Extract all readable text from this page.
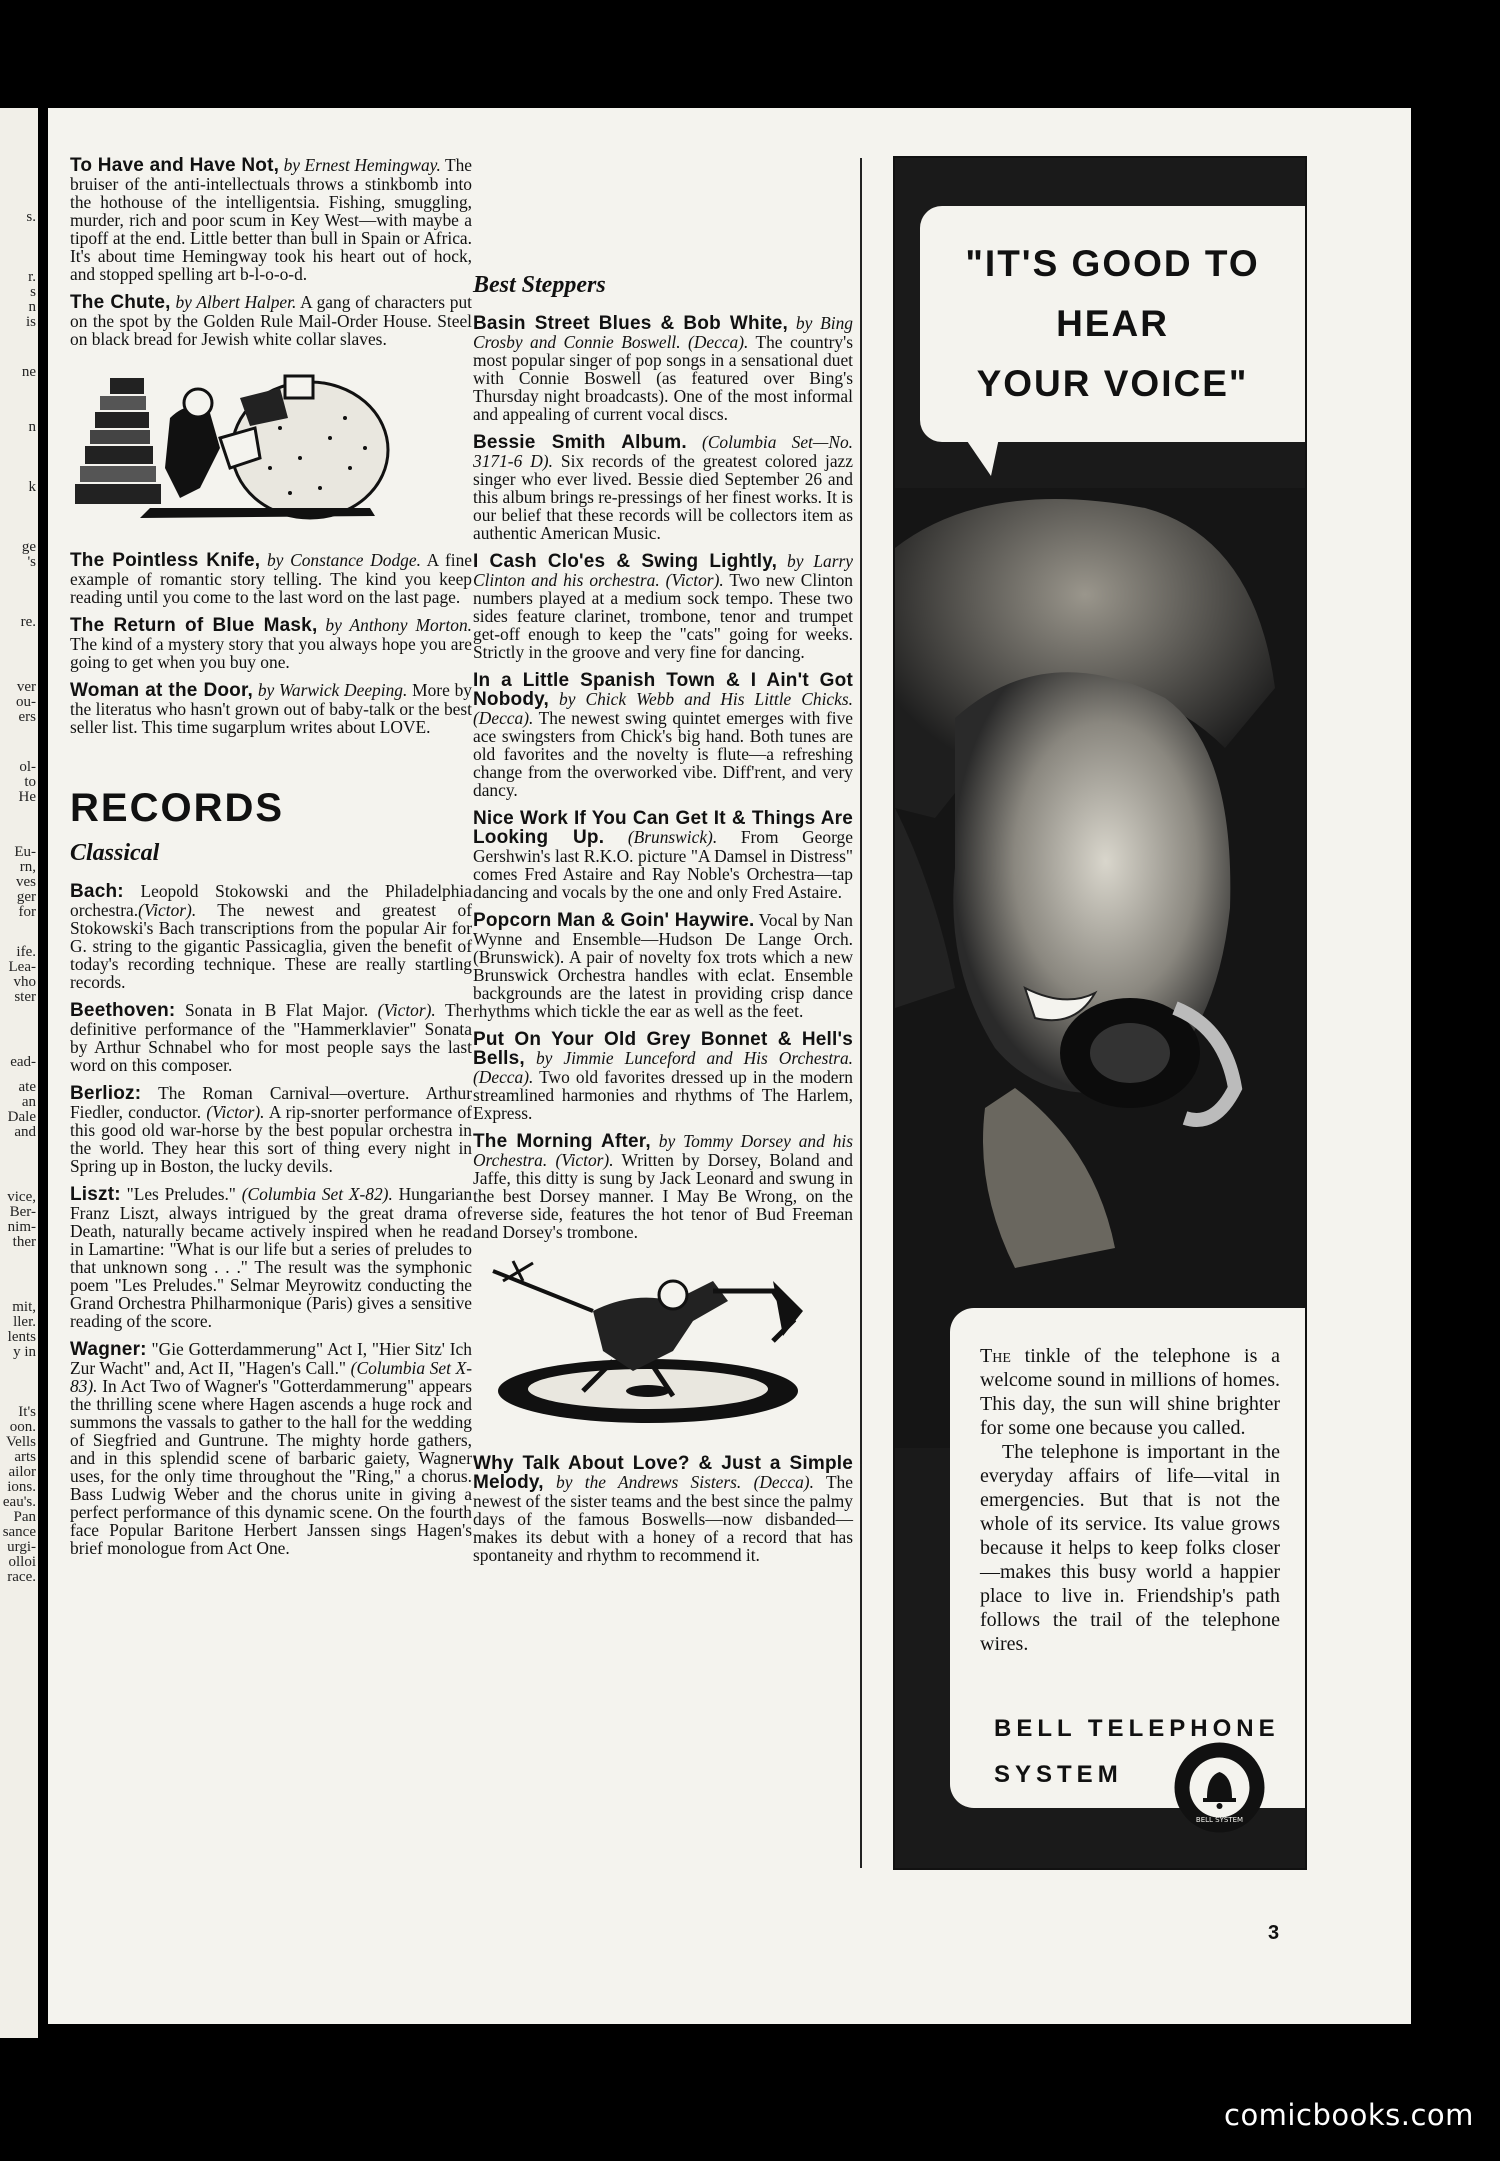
s.
r.
s
n
is
ne
n
k
ge
's
re.
ver
ou-
ers
ol-
to
He
Eu-
rn,
ves
ger
for
ife.
Lea-
vho
ster
ead-
ate
an
Dale
and
vice,
Ber-
nim-
ther
mit,
ller.
lents
y in
It's
oon.
Vells
arts
ailor
ions.
eau's.
Pan
sance
urgi-
olloi
race.

To Have and Have Not, by Ernest Hemingway. The bruiser of the anti-intellectuals throws a stinkbomb into the hothouse of the intelligentsia. Fishing, smuggling, murder, rich and poor scum in Key West—with maybe a tipoff at the end. Little better than bull in Spain or Africa. It's about time Hemingway took his heart out of hock, and stopped spelling art b-l-o-o-d.

The Chute, by Albert Halper. A gang of characters put on the spot by the Golden Rule Mail-Order House. Steel on black bread for Jewish white collar slaves.

The Pointless Knife, by Constance Dodge. A fine example of romantic story telling. The kind you keep reading until you come to the last word on the last page.

The Return of Blue Mask, by Anthony Morton. The kind of a mystery story that you always hope you are going to get when you buy one.

Woman at the Door, by Warwick Deeping. More by the literatus who hasn't grown out of baby-talk or the best seller list. This time sugarplum writes about LOVE.

RECORDS
Classical

Bach: Leopold Stokowski and the Philadelphia orchestra.(Victor). The newest and greatest of Stokowski's Bach transcriptions from the popular Air for G. string to the gigantic Passicaglia, given the benefit of today's recording technique. These are really startling records.

Beethoven: Sonata in B Flat Major. (Victor). The definitive performance of the "Hammerklavier" Sonata by Arthur Schnabel who for most people says the last word on this composer.

Berlioz: The Roman Carnival—overture. Arthur Fiedler, conductor. (Victor). A rip-snorter performance of this good old war-horse by the best popular orchestra in the world. They hear this sort of thing every night in Spring up in Boston, the lucky devils.

Liszt: "Les Preludes." (Columbia Set X-82). Hungarian Franz Liszt, always intrigued by the great drama of Death, naturally became actively inspired when he read in Lamartine: "What is our life but a series of preludes to that unknown song . . ." The result was the symphonic poem "Les Preludes." Selmar Meyrowitz conducting the Grand Orchestra Philharmonique (Paris) gives a sensitive reading of the score.

Wagner: "Gie Gotterdammerung" Act I, "Hier Sitz' Ich Zur Wacht" and, Act II, "Hagen's Call." (Columbia Set X-83). In Act Two of Wagner's "Gotterdammerung" appears the thrilling scene where Hagen ascends a huge rock and summons the vassals to gather to the hall for the wedding of Siegfried and Guntrune. The mighty horde gathers, and in this splendid scene of barbaric gaiety, Wagner uses, for the only time throughout the "Ring," a chorus. Bass Ludwig Weber and the chorus unite in giving a perfect performance of this dynamic scene. On the fourth face Popular Baritone Herbert Janssen sings Hagen's brief monologue from Act One.

Best Steppers

Basin Street Blues & Bob White, by Bing Crosby and Connie Boswell. (Decca). The country's most popular singer of pop songs in a sensational duet with Connie Boswell (as featured over Bing's Thursday night broadcasts). One of the most informal and appealing of current vocal discs.

Bessie Smith Album. (Columbia Set—No. 3171-6 D). Six records of the greatest colored jazz singer who ever lived. Bessie died September 26 and this album brings re-pressings of her finest works. It is our belief that these records will be collectors item as authentic American Music.

I Cash Clo'es & Swing Lightly, by Larry Clinton and his orchestra. (Victor). Two new Clinton numbers played at a medium sock tempo. These two sides feature clarinet, trombone, tenor and trumpet get-off enough to keep the "cats" going for weeks. Strictly in the groove and very fine for dancing.

In a Little Spanish Town & I Ain't Got Nobody, by Chick Webb and His Little Chicks. (Decca). The newest swing quintet emerges with five ace swingsters from Chick's big hand. Both tunes are old favorites and the novelty is flute—a refreshing change from the overworked vibe. Diff'rent, and very dancy.

Nice Work If You Can Get It & Things Are Looking Up. (Brunswick). From George Gershwin's last R.K.O. picture "A Damsel in Distress" comes Fred Astaire and Ray Noble's Orchestra—tap dancing and vocals by the one and only Fred Astaire.

Popcorn Man & Goin' Haywire. Vocal by Nan Wynne and Ensemble—Hudson De Lange Orch. (Brunswick). A pair of novelty fox trots which a new Brunswick Orchestra handles with eclat. Ensemble backgrounds are the latest in providing crisp dance rhythms which tickle the ear as well as the feet.

Put On Your Old Grey Bonnet & Hell's Bells, by Jimmie Lunceford and His Orchestra. (Decca). Two old favorites dressed up in the modern streamlined harmonies and rhythms of The Harlem, Express.

The Morning After, by Tommy Dorsey and his Orchestra. (Victor). Written by Dorsey, Boland and Jaffe, this ditty is sung by Jack Leonard and swung in the best Dorsey manner. I May Be Wrong, on the reverse side, features the hot tenor of Bud Freeman and Dorsey's trombone.

Why Talk About Love? & Just a Simple Melody, by the Andrews Sisters. (Decca). The newest of the sister teams and the best since the palmy days of the famous Boswells—now disbanded—makes its debut with a honey of a record that has spontaneity and rhythm to recommend it.

"IT'S GOOD TO
HEAR
YOUR VOICE"

The tinkle of the telephone is a welcome sound in millions of homes. This day, the sun will shine brighter for some one because you called.

The telephone is important in the everyday affairs of life—vital in emergencies. But that is not the whole of its service. Its value grows because it helps to keep folks closer—makes this busy world a happier place to live in. Friendship's path follows the trail of the telephone wires.

BELL TELEPHONE
SYSTEM
BELL SYSTEM
3
comicbooks.com
